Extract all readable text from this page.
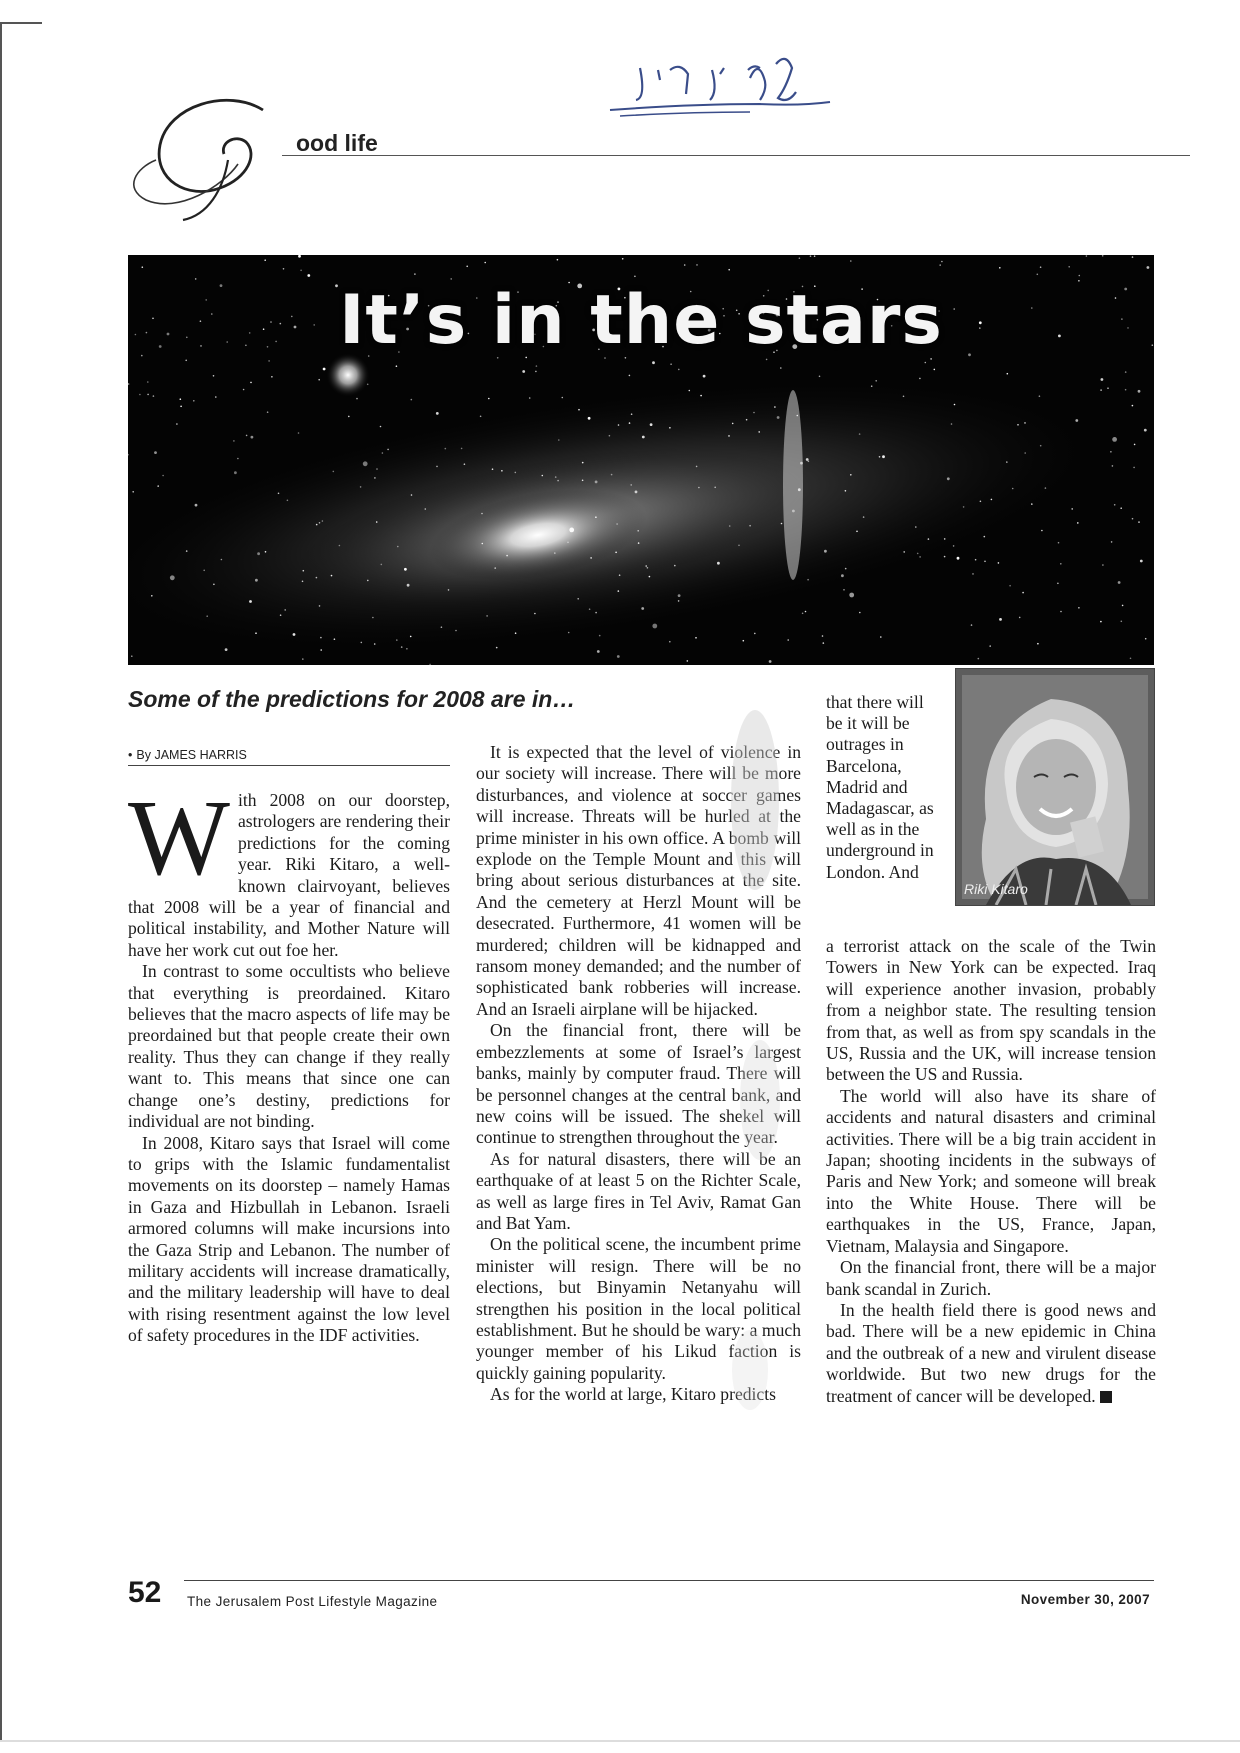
לזיו כרמי
ood life
It’s in the stars
Some of the predictions for 2008 are in…
• By JAMES HARRIS

With 2008 on our doorstep, astrologers are rendering their predictions for the coming year. Riki Kitaro, a well-known clairvoyant, believes that 2008 will be a year of financial and political instability, and Mother Nature will have her work cut out foe her.

In contrast to some occultists who believe that everything is preordained. Kitaro believes that the macro aspects of life may be preordained but that people create their own reality. Thus they can change if they really want to. This means that since one can change one’s destiny, predictions for individual are not binding.

In 2008, Kitaro says that Israel will come to grips with the Islamic fundamentalist movements on its doorstep – namely Hamas in Gaza and Hizbullah in Lebanon. Israeli armored columns will make incursions into the Gaza Strip and Lebanon. The number of military accidents will increase dramatically, and the military leadership will have to deal with rising resentment against the low level of safety procedures in the IDF activities.

It is expected that the level of violence in our society will increase. There will be more disturbances, and violence at soccer games will increase. Threats will be hurled at the prime minister in his own office. A bomb will explode on the Temple Mount and this will bring about serious disturbances at the site. And the cemetery at Herzl Mount will be desecrated. Furthermore, 41 women will be murdered; children will be kidnapped and ransom money demanded; and the number of sophisticated bank robberies will increase. And an Israeli airplane will be hijacked.

On the financial front, there will be embezzlements at some of Israel’s largest banks, mainly by computer fraud. There will be personnel changes at the central bank, and new coins will be issued. The shekel will continue to strengthen throughout the year.

As for natural disasters, there will be an earthquake of at least 5 on the Richter Scale, as well as large fires in Tel Aviv, Ramat Gan and Bat Yam.

On the political scene, the incumbent prime minister will resign. There will be no elections, but Binyamin Netanyahu will strengthen his position in the local political establishment. But he should be wary: a much younger member of his Likud faction is quickly gaining popularity.

As for the world at large, Kitaro predicts

that there will be it will be outrages in Barcelona, Madrid and Madagascar, as well as in the underground in London. And
Riki Kitaro

a terrorist attack on the scale of the Twin Towers in New York can be expected. Iraq will experience another invasion, probably from a neighbor state. The resulting tension from that, as well as from spy scandals in the US, Russia and the UK, will increase tension between the US and Russia.

The world will also have its share of accidents and natural disasters and criminal activities. There will be a big train accident in Japan; shooting incidents in the subways of Paris and New York; and someone will break into the White House. There will be earthquakes in the US, France, Japan, Vietnam, Malaysia and Singapore.

On the financial front, there will be a major bank scandal in Zurich.

In the health field there is good news and bad. There will be a new epidemic in China and the outbreak of a new and virulent disease worldwide. But two new drugs for the treatment of cancer will be developed.

52 The Jerusalem Post Lifestyle Magazine	November 30, 2007
